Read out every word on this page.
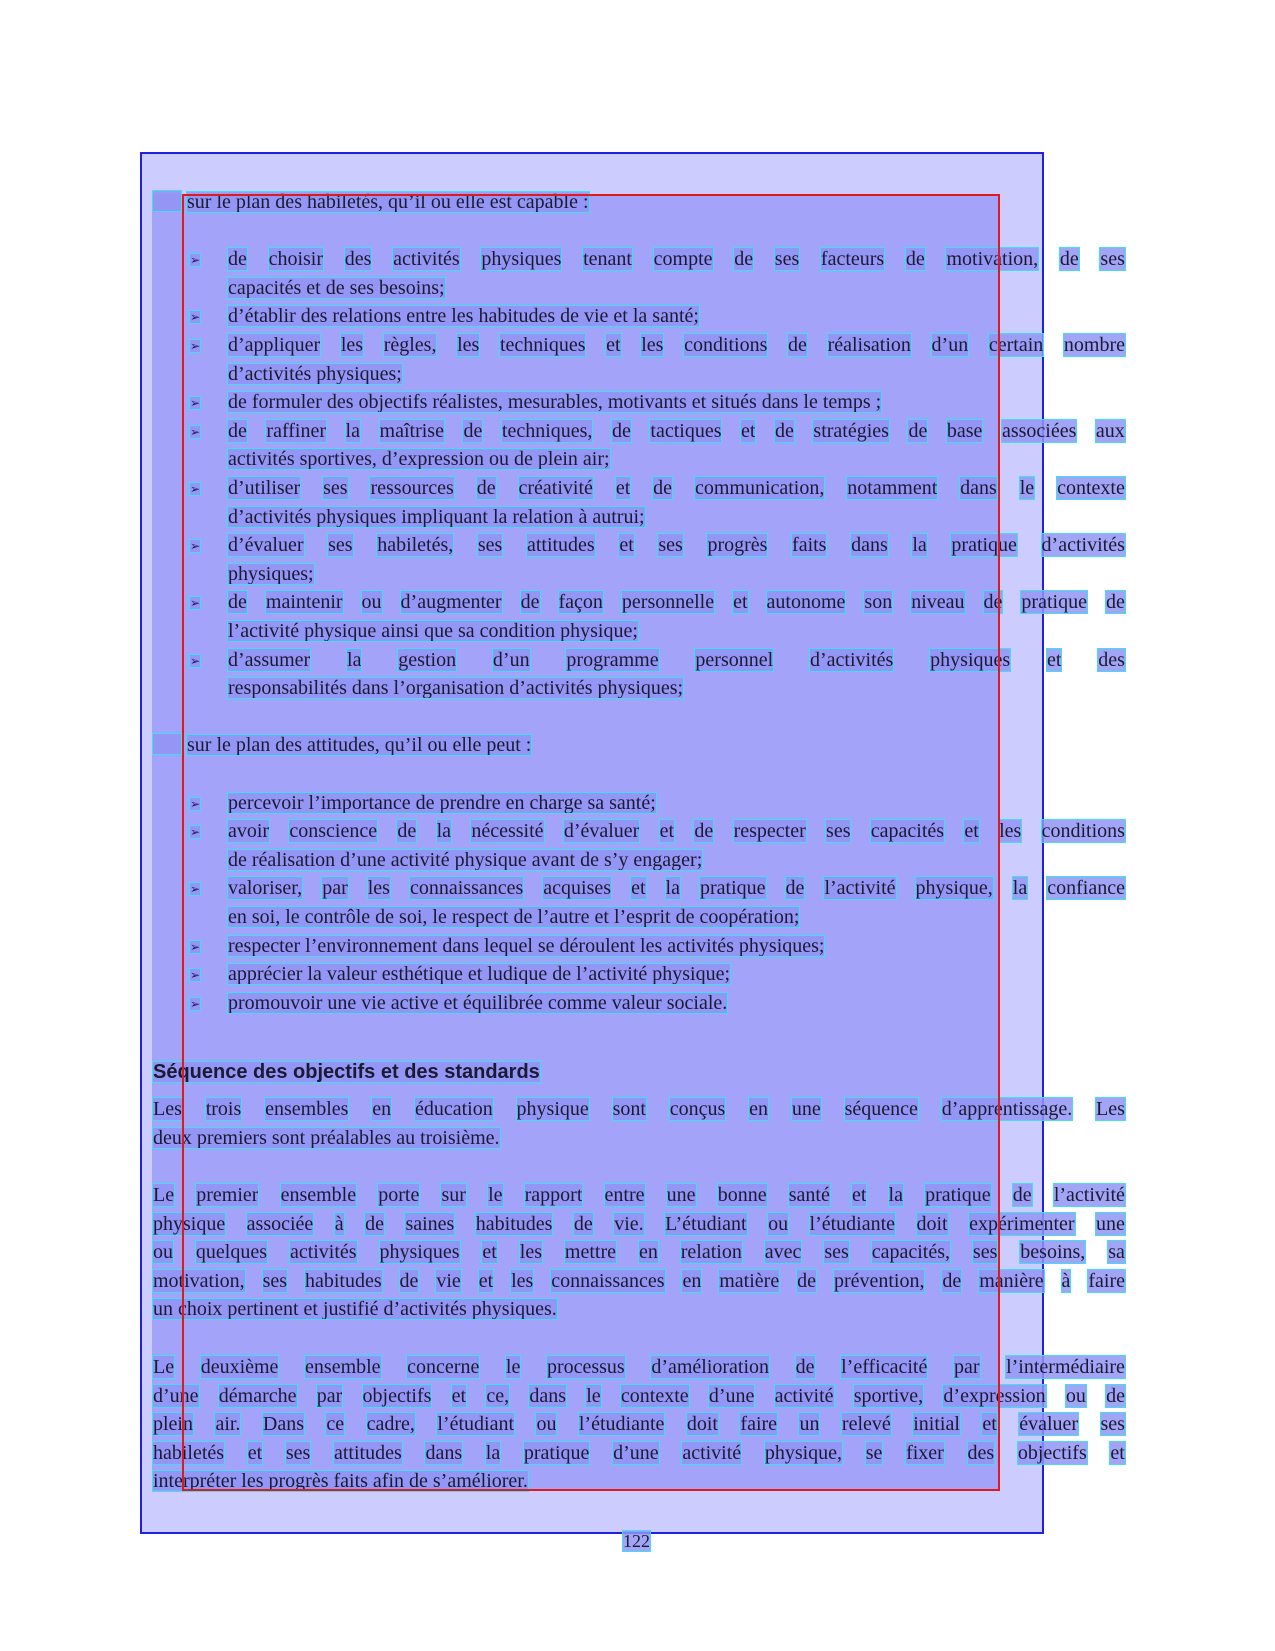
sur le plan des habiletés, qu’il ou elle est capable :
➢ de choisir des activités physiques tenant compte de ses facteurs de motivation, de ses
capacités et de ses besoins;
➢ d’établir des relations entre les habitudes de vie et la santé;
➢ d’appliquer les règles, les techniques et les conditions de réalisation d’un certain nombre
d’activités physiques;
➢ de formuler des objectifs réalistes, mesurables, motivants et situés dans le temps ;
➢ de raffiner la maîtrise de techniques, de tactiques et de stratégies de base associées aux
activités sportives, d’expression ou de plein air;
➢ d’utiliser ses ressources de créativité et de communication, notamment dans le contexte
d’activités physiques impliquant la relation à autrui;
➢ d’évaluer ses habiletés, ses attitudes et ses progrès faits dans la pratique d’activités
physiques;
➢ de maintenir ou d’augmenter de façon personnelle et autonome son niveau de pratique de
l’activité physique ainsi que sa condition physique;
➢ d’assumer la gestion d’un programme personnel d’activités physiques et des
responsabilités dans l’organisation d’activités physiques;
sur le plan des attitudes, qu’il ou elle peut :
➢ percevoir l’importance de prendre en charge sa santé;
➢ avoir conscience de la nécessité d’évaluer et de respecter ses capacités et les conditions
de réalisation d’une activité physique avant de s’y engager;
➢ valoriser, par les connaissances acquises et la pratique de l’activité physique, la confiance
en soi, le contrôle de soi, le respect de l’autre et l’esprit de coopération;
➢ respecter l’environnement dans lequel se déroulent les activités physiques;
➢ apprécier la valeur esthétique et ludique de l’activité physique;
➢ promouvoir une vie active et équilibrée comme valeur sociale.
Séquence des objectifs et des standards
Les trois ensembles en éducation physique sont conçus en une séquence d’apprentissage. Les
deux premiers sont préalables au troisième.
Le premier ensemble porte sur le rapport entre une bonne santé et la pratique de l’activité
physique associée à de saines habitudes de vie. L’étudiant ou l’étudiante doit expérimenter une
ou quelques activités physiques et les mettre en relation avec ses capacités, ses besoins, sa
motivation, ses habitudes de vie et les connaissances en matière de prévention, de manière à faire
un choix pertinent et justifié d’activités physiques.
Le deuxième ensemble concerne le processus d’amélioration de l’efficacité par l’intermédiaire
d’une démarche par objectifs et ce, dans le contexte d’une activité sportive, d’expression ou de
plein air. Dans ce cadre, l’étudiant ou l’étudiante doit faire un relevé initial et évaluer ses
habiletés et ses attitudes dans la pratique d’une activité physique, se fixer des objectifs et
interpréter les progrès faits afin de s’améliorer.
122
